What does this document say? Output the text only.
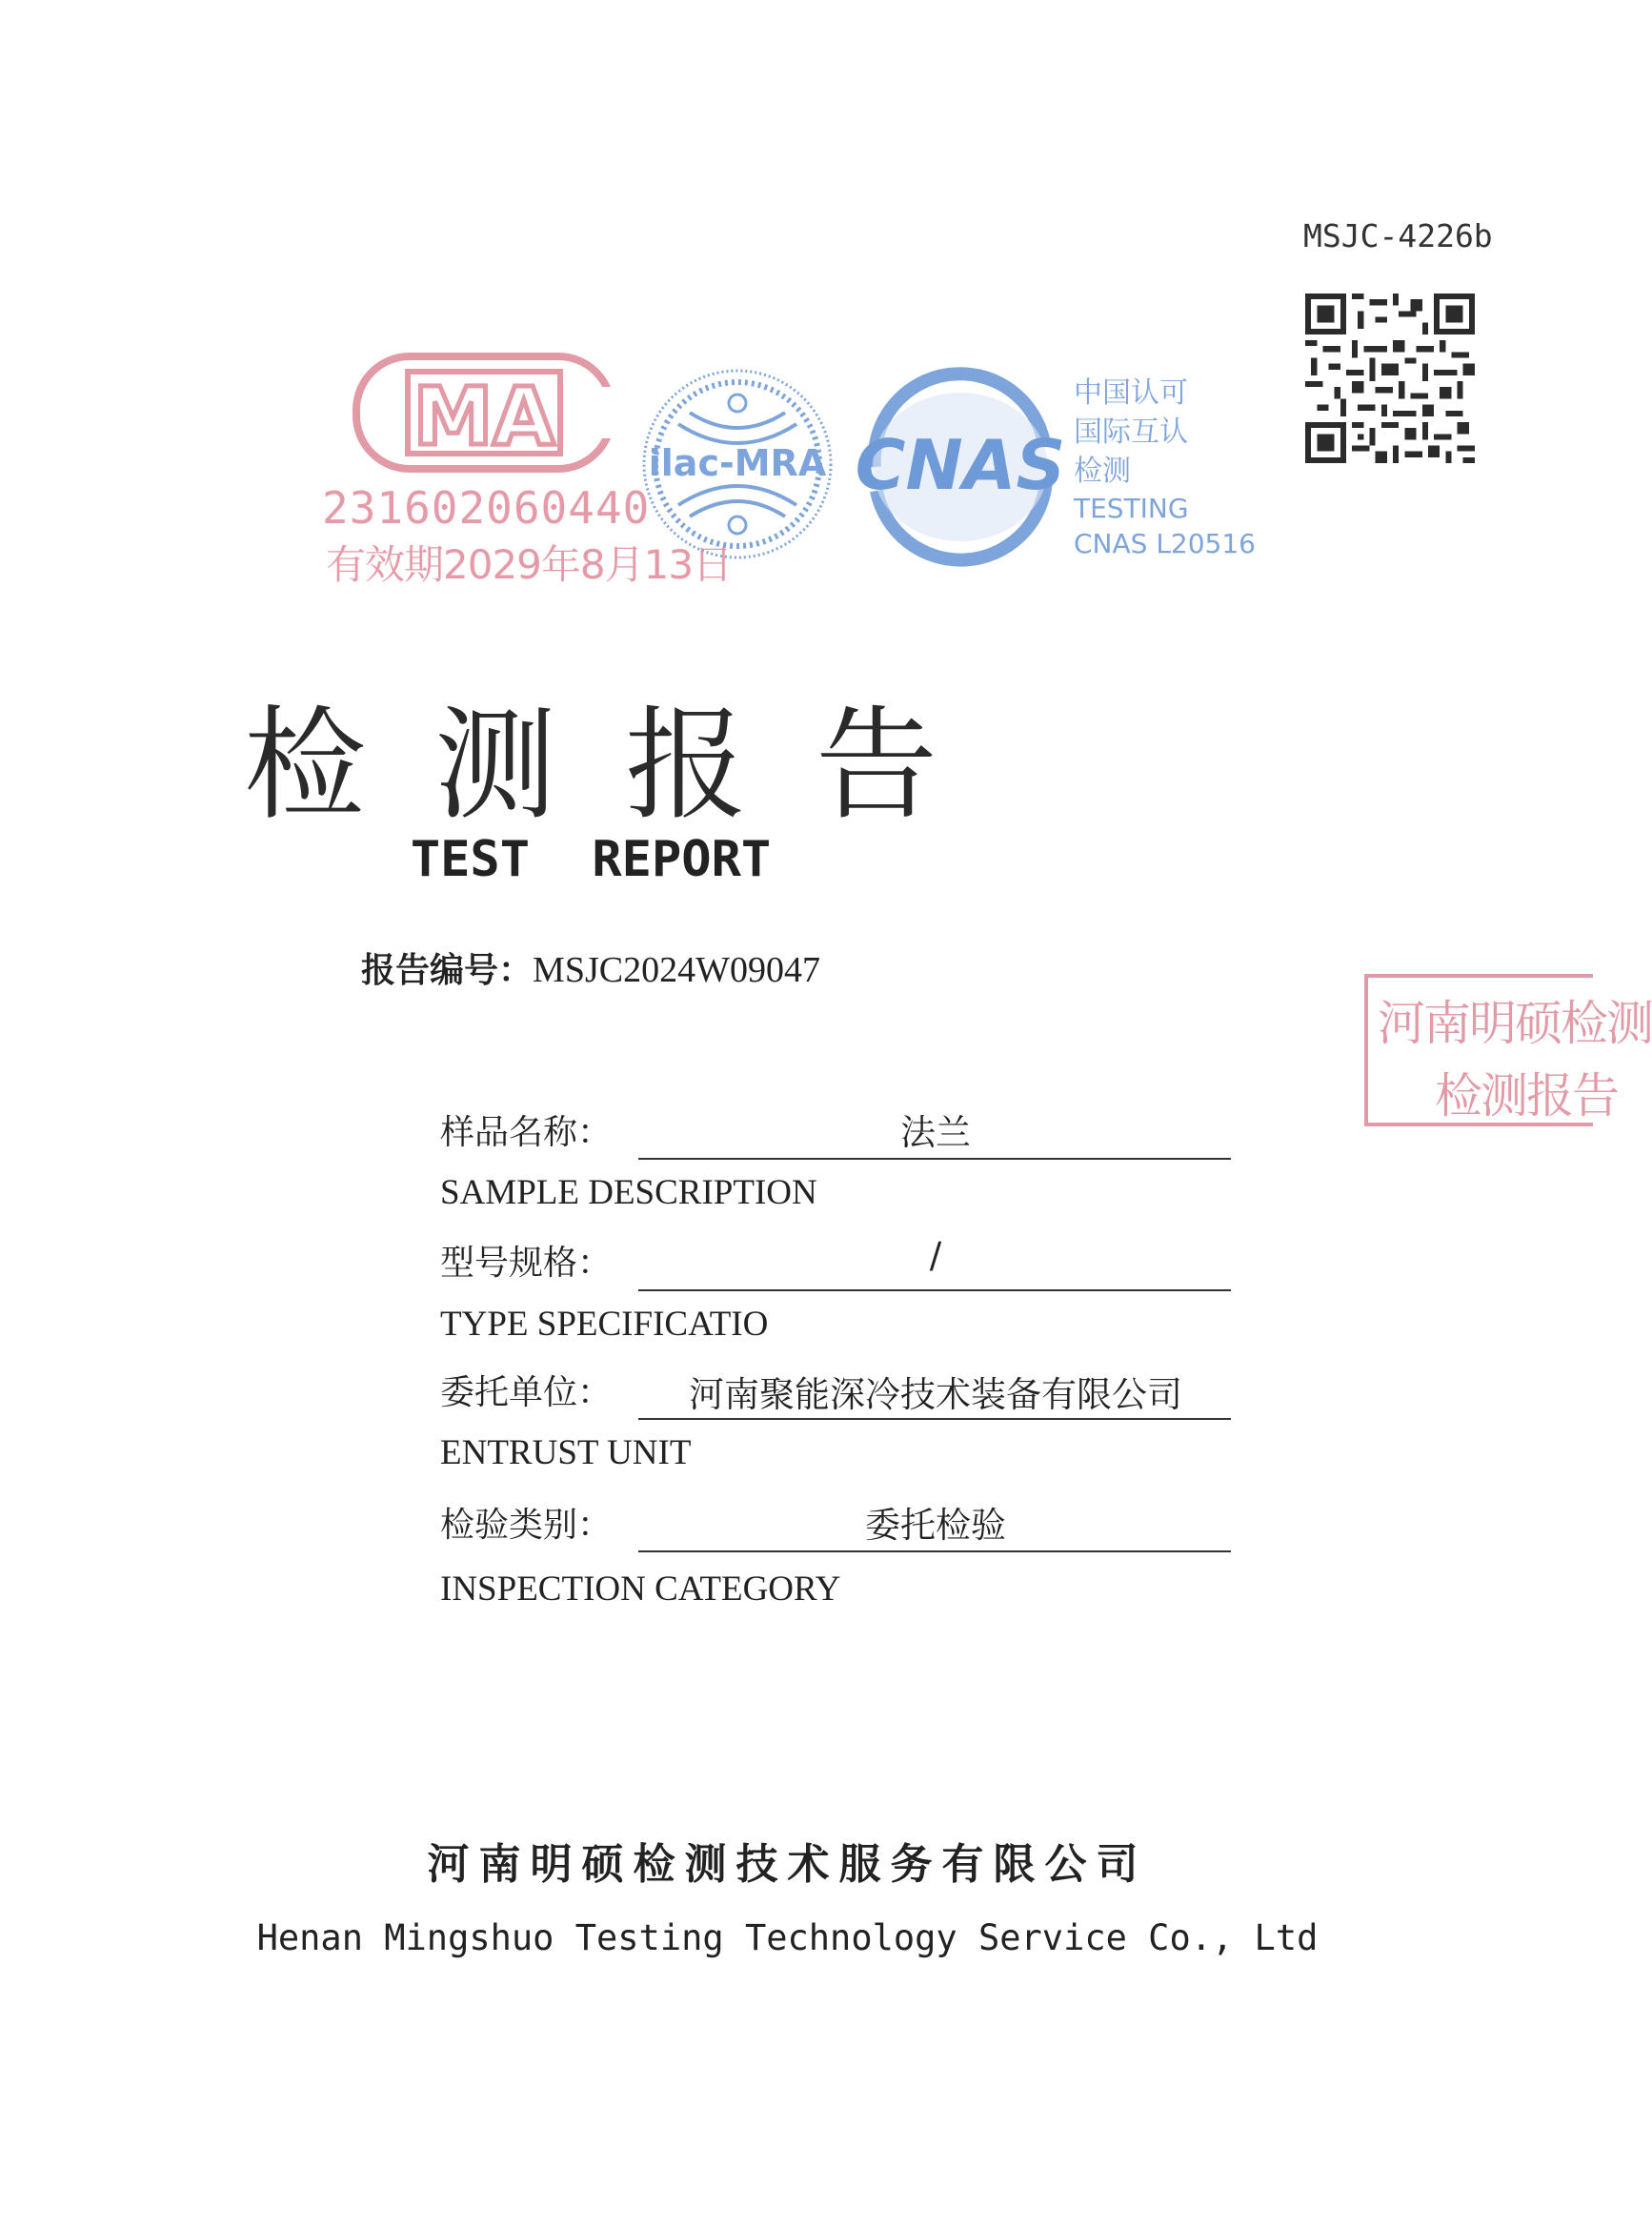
MSJC-4226b
MA
231602060440
有效期2029年8月13日
ilac-MRA CNAS
中国认可
国际互认
检测
TESTING
CNAS L20516
检测报告
TEST REPORT
报告编号：MSJC2024W09047
河南明硕检测
检测报告
样品名称：	法兰
SAMPLE DESCRIPTION
型号规格：	/
TYPE SPECIFICATIO
委托单位：	河南聚能深冷技术装备有限公司
ENTRUST UNIT
检验类别：	委托检验
INSPECTION CATEGORY
河南明硕检测技术服务有限公司
Henan Mingshuo Testing Technology Service Co., Ltd
